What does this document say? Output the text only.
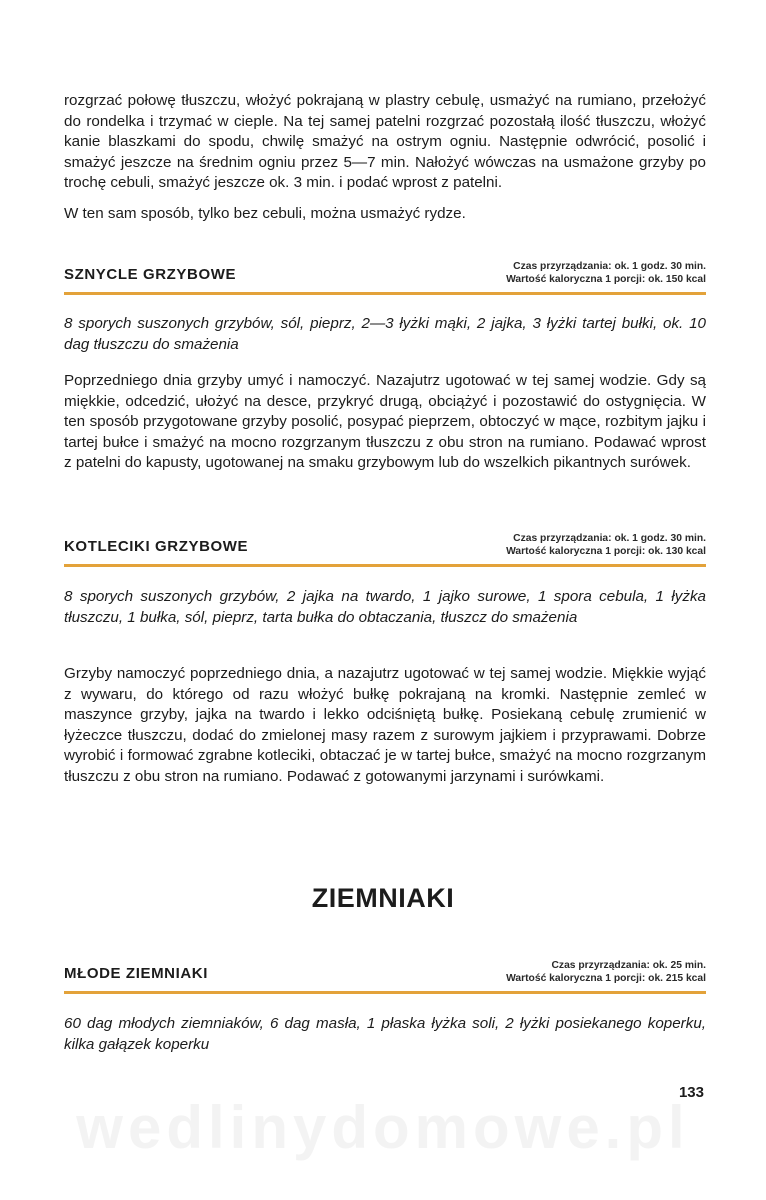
rozgrzać połowę tłuszczu, włożyć pokrajaną w plastry cebulę, usmażyć na rumiano, przełożyć do rondelka i trzymać w cieple. Na tej samej patelni rozgrzać pozostałą ilość tłuszczu, włożyć kanie blaszkami do spodu, chwilę smażyć na ostrym ogniu. Następnie odwrócić, posolić i smażyć jeszcze na średnim ogniu przez 5—7 min. Nałożyć wówczas na usmażone grzyby po trochę cebuli, smażyć jeszcze ok. 3 min. i podać wprost z patelni.

W ten sam sposób, tylko bez cebuli, można usmażyć rydze.

SZNYCLE GRZYBOWE	Czas przyrządzania: ok. 1 godz. 30 min.
Wartość kaloryczna 1 porcji: ok. 150 kcal

8 sporych suszonych grzybów, sól, pieprz, 2—3 łyżki mąki, 2 jajka, 3 łyżki tartej bułki, ok. 10 dag tłuszczu do smażenia

Poprzedniego dnia grzyby umyć i namoczyć. Nazajutrz ugotować w tej samej wodzie. Gdy są miękkie, odcedzić, ułożyć na desce, przykryć drugą, obciążyć i pozostawić do ostygnięcia. W ten sposób przygotowane grzyby posolić, posypać pieprzem, obtoczyć w mące, rozbitym jajku i tartej bułce i smażyć na mocno rozgrzanym tłuszczu z obu stron na rumiano. Podawać wprost z patelni do kapusty, ugotowanej na smaku grzybowym lub do wszelkich pikantnych surówek.

KOTLECIKI GRZYBOWE	Czas przyrządzania: ok. 1 godz. 30 min.
Wartość kaloryczna 1 porcji: ok. 130 kcal

8 sporych suszonych grzybów, 2 jajka na twardo, 1 jajko surowe, 1 spora cebula, 1 łyżka tłuszczu, 1 bułka, sól, pieprz, tarta bułka do obtaczania, tłuszcz do smażenia

Grzyby namoczyć poprzedniego dnia, a nazajutrz ugotować w tej samej wodzie. Miękkie wyjąć z wywaru, do którego od razu włożyć bułkę pokrajaną na kromki. Następnie zemleć w maszynce grzyby, jajka na twardo i lekko odciśniętą bułkę. Posiekaną cebulę zrumienić w łyżeczce tłuszczu, dodać do zmielonej masy razem z surowym jajkiem i przyprawami. Dobrze wyrobić i formować zgrabne kotleciki, obtaczać je w tartej bułce, smażyć na mocno rozgrzanym tłuszczu z obu stron na rumiano. Podawać z gotowanymi jarzynami i surówkami.

ZIEMNIAKI
MŁODE ZIEMNIAKI	Czas przyrządzania: ok. 25 min.
Wartość kaloryczna 1 porcji: ok. 215 kcal

60 dag młodych ziemniaków, 6 dag masła, 1 płaska łyżka soli, 2 łyżki posiekanego koperku, kilka gałązek koperku

133
wedlinydomowe.pl
